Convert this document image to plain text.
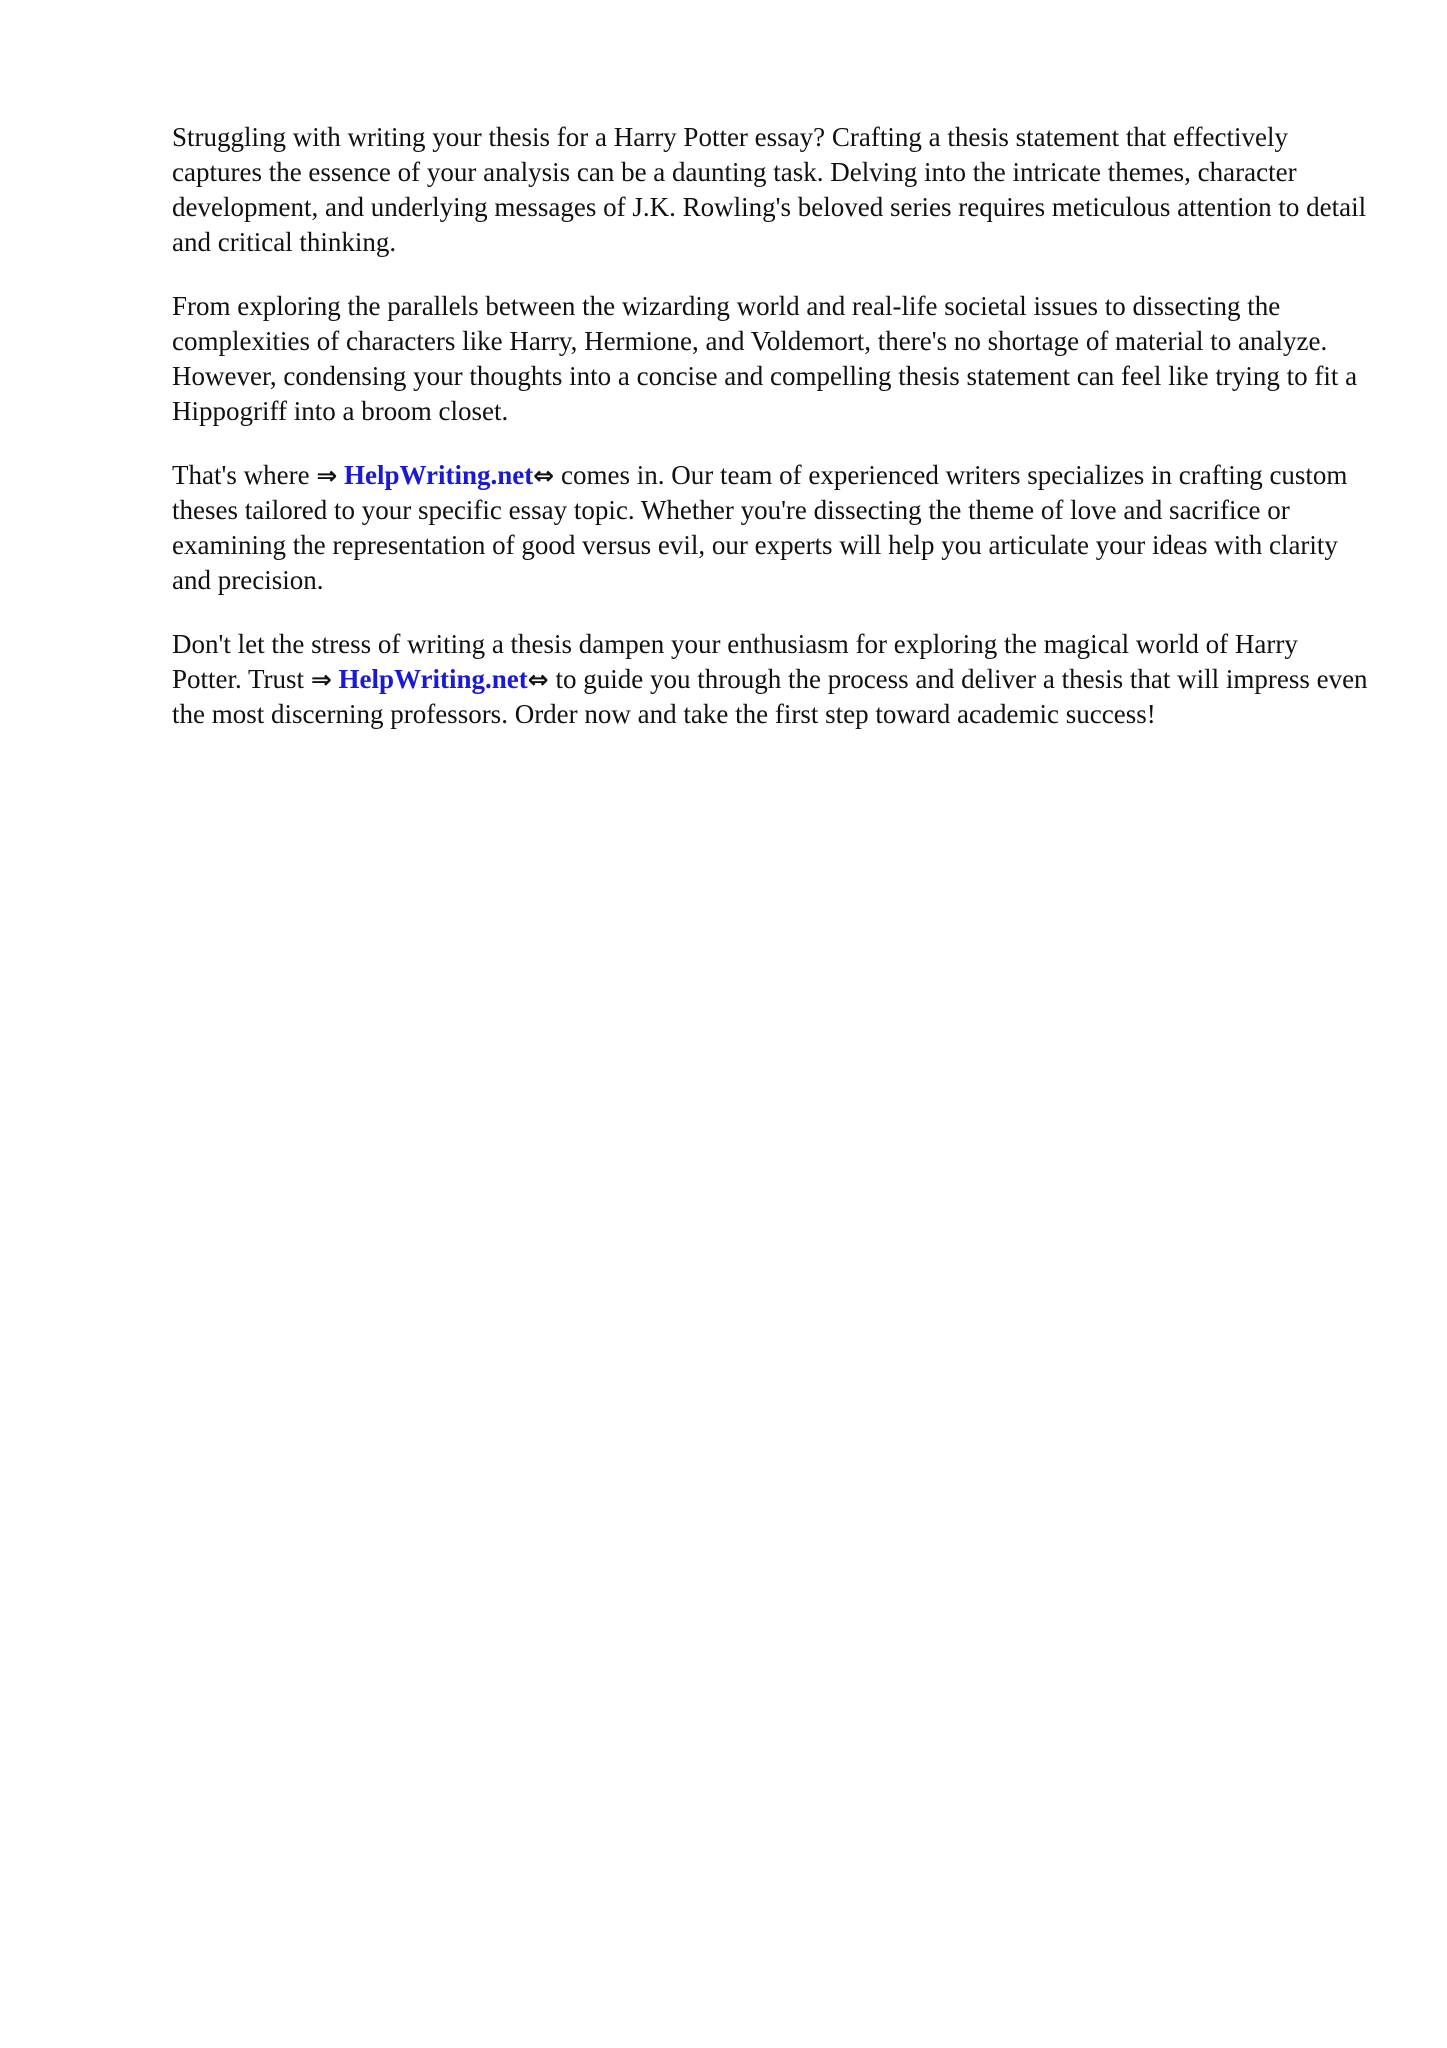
Struggling with writing your thesis for a Harry Potter essay? Crafting a thesis statement that effectively captures the essence of your analysis can be a daunting task. Delving into the intricate themes, character development, and underlying messages of J.K. Rowling's beloved series requires meticulous attention to detail and critical thinking.

From exploring the parallels between the wizarding world and real-life societal issues to dissecting the complexities of characters like Harry, Hermione, and Voldemort, there's no shortage of material to analyze. However, condensing your thoughts into a concise and compelling thesis statement can feel like trying to fit a Hippogriff into a broom closet.

That's where ⇒ HelpWriting.net⇔ comes in. Our team of experienced writers specializes in crafting custom theses tailored to your specific essay topic. Whether you're dissecting the theme of love and sacrifice or examining the representation of good versus evil, our experts will help you articulate your ideas with clarity and precision.

Don't let the stress of writing a thesis dampen your enthusiasm for exploring the magical world of Harry Potter. Trust ⇒ HelpWriting.net⇔ to guide you through the process and deliver a thesis that will impress even the most discerning professors. Order now and take the first step toward academic success!
